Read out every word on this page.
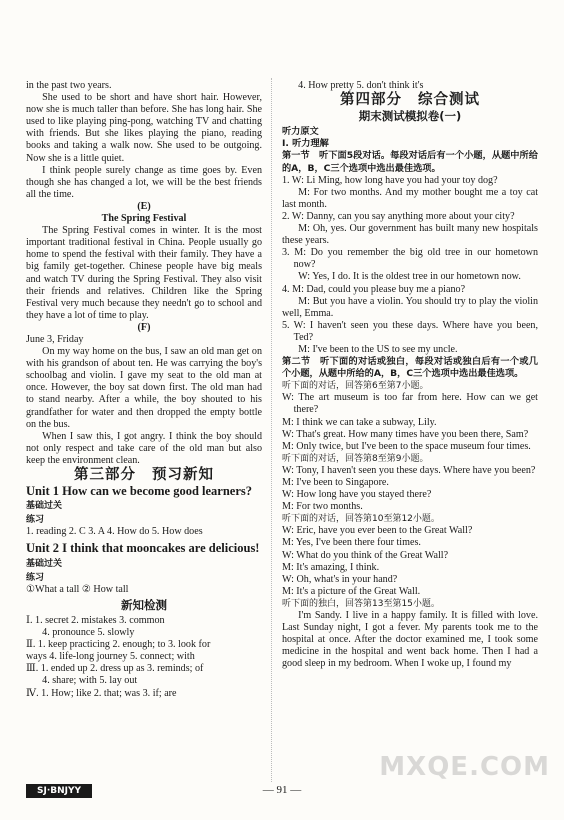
in the past two years.

She used to be short and have short hair. However, now she is much taller than before. She has long hair. She used to like playing ping-pong, watching TV and chatting with friends. But she likes playing the piano, reading books and taking a walk now. She used to be outgoing. Now she is a little quiet.

I think people surely change as time goes by. Even though she has changed a lot, we will be the best friends all the time.

(E)

The Spring Festival

The Spring Festival comes in winter. It is the most important traditional festival in China. People usually go home to spend the festival with their family. They have a big family get-together. Chinese people have big meals and watch TV during the Spring Festival. They also visit their friends and relatives. Children like the Spring Festival very much because they needn't go to school and they have a lot of time to play.

(F)

June 3, Friday

On my way home on the bus, I saw an old man get on with his grandson of about ten. He was carrying the boy's schoolbag and violin. I gave my seat to the old man at once. However, the boy sat down first. The old man had to stand nearby. After a while, the boy shouted to his grandfather for water and then dropped the empty bottle on the bus.

When I saw this, I got angry. I think the boy should not only respect and take care of the old man but also keep the environment clean.

第三部分 预习新知
Unit 1 How can we become good learners?
基础过关
练习

1. reading 2. C 3. A 4. How do 5. How does

Unit 2 I think that mooncakes are delicious!
基础过关
练习

①What a tall ② How tall

新知检测

Ⅰ. 1. secret 2. mistakes 3. common

4. pronounce 5. slowly

Ⅱ. 1. keep practicing 2. enough; to 3. look for

ways 4. life-long journey 5. connect; with

Ⅲ. 1. ended up 2. dress up as 3. reminds; of

4. share; with 5. lay out

Ⅳ. 1. How; like 2. that; was 3. if; are

4. How pretty 5. don't think it's

第四部分 综合测试
期末测试模拟卷(一)
听力原文
Ⅰ. 听力理解

第一节　听下面5段对话。每段对话后有一个小题，从题中所给的A，B，C三个选项中选出最佳选项。

1. W: Li Ming, how long have you had your toy dog?

M: For two months. And my mother bought me a toy cat last month.

2. W: Danny, can you say anything more about your city?

M: Oh, yes. Our government has built many new hospitals these years.

3. M: Do you remember the big old tree in our hometown now?

W: Yes, I do. It is the oldest tree in our hometown now.

4. M: Dad, could you please buy me a piano?

M: But you have a violin. You should try to play the violin well, Emma.

5. W: I haven't seen you these days. Where have you been, Ted?

M: I've been to the US to see my uncle.

第二节　听下面的对话或独白，每段对话或独白后有一个或几个小题，从题中所给的A，B，C三个选项中选出最佳选项。

听下面的对话，回答第6至第7小题。

W: The art museum is too far from here. How can we get there?

M: I think we can take a subway, Lily.

W: That's great. How many times have you been there, Sam?

M: Only twice, but I've been to the space museum four times.

听下面的对话，回答第8至第9小题。

W: Tony, I haven't seen you these days. Where have you been?

M: I've been to Singapore.

W: How long have you stayed there?

M: For two months.

听下面的对话，回答第10至第12小题。

W: Eric, have you ever been to the Great Wall?

M: Yes, I've been there four times.

W: What do you think of the Great Wall?

M: It's amazing, I think.

W: Oh, what's in your hand?

M: It's a picture of the Great Wall.

听下面的独白，回答第13至第15小题。

I'm Sandy. I live in a happy family. It is filled with love. Last Sunday night, I got a fever. My parents took me to the hospital at once. After the doctor examined me, I took some medicine in the hospital and went back home. Then I had a good sleep in my bedroom. When I woke up, I found my

SJ·BNJYY	— 91 —
MXQE.COM
